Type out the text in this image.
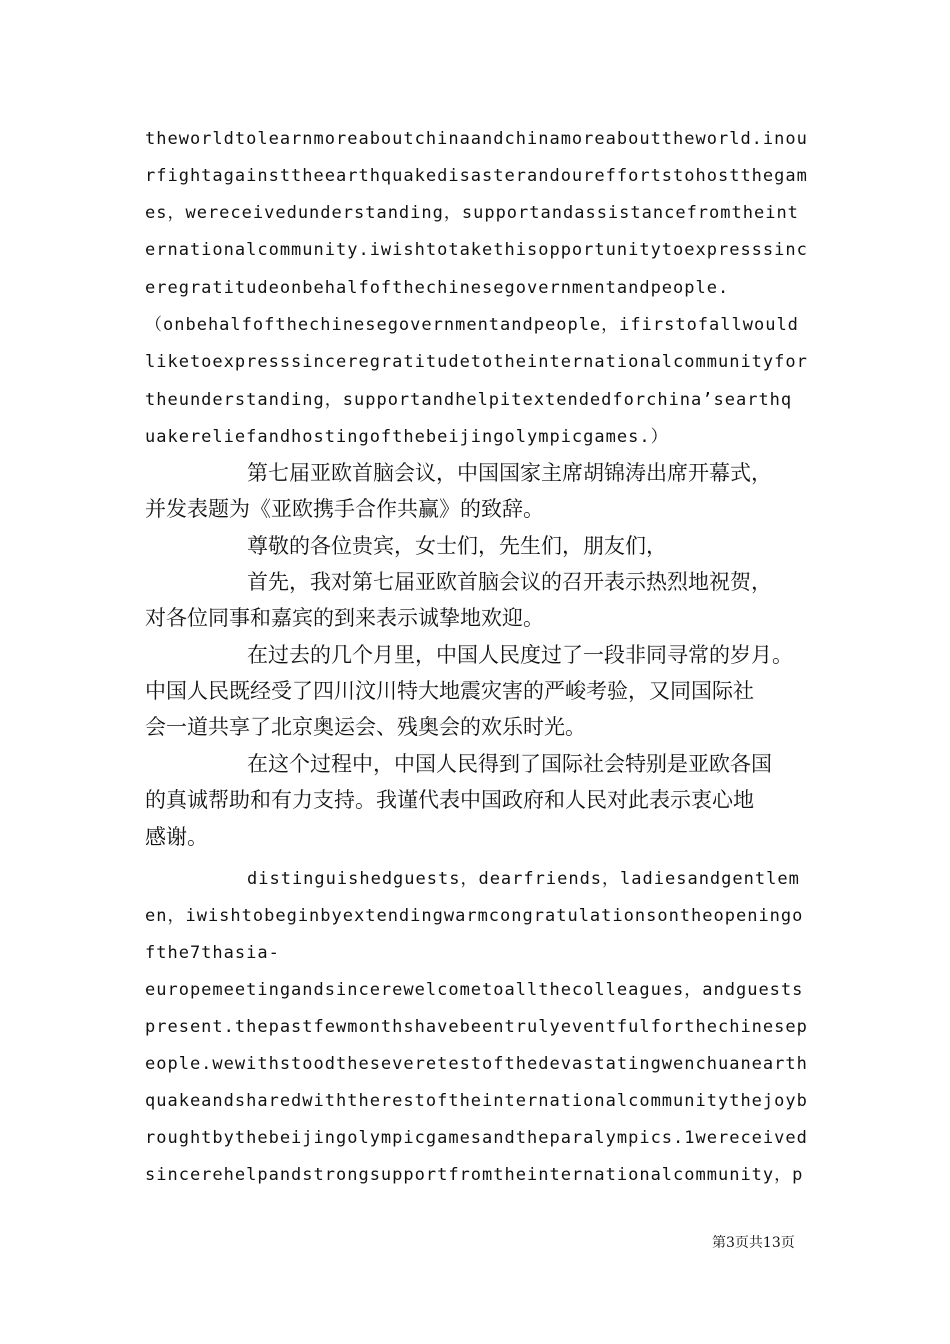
theworldtolearnmoreaboutchinaandchinamoreabouttheworld.inou
rfightagainsttheearthquakedisasterandoureffortstohostthegam
es，wereceivedunderstanding，supportandassistancefromtheint
ernationalcommunity.iwishtotakethisopportunitytoexpresssinc
eregratitudeonbehalfofthechinesegovernmentandpeople.
（onbehalfofthechinesegovernmentandpeople，ifirstofallwould
liketoexpresssinceregratitudetotheinternationalcommunityfor
theunderstanding，supportandhelpitextendedforchina’searthq
uakereliefandhostingofthebeijingolympicgames.）
第七届亚欧首脑会议，中国国家主席胡锦涛出席开幕式，
并发表题为《亚欧携手合作共赢》的致辞。
尊敬的各位贵宾，女士们，先生们，朋友们，
首先，我对第七届亚欧首脑会议的召开表示热烈地祝贺，
对各位同事和嘉宾的到来表示诚挚地欢迎。
在过去的几个月里，中国人民度过了一段非同寻常的岁月。
中国人民既经受了四川汶川特大地震灾害的严峻考验，又同国际社
会一道共享了北京奥运会、残奥会的欢乐时光。
在这个过程中，中国人民得到了国际社会特别是亚欧各国
的真诚帮助和有力支持。我谨代表中国政府和人民对此表示衷心地
感谢。
distinguishedguests，dearfriends，ladiesandgentlem
en，iwishtobeginbyextendingwarmcongratulationsontheopeningo
fthe7thasia-
europemeetingandsincerewelcometoallthecolleagues，andguests
present.thepastfewmonthshavebeentrulyeventfulforthechinesep
eople.wewithstoodtheseveretestofthedevastatingwenchuanearth
quakeandsharedwiththerestoftheinternationalcommunitythejoyb
roughtbythebeijingolympicgamesandtheparalympics.1wereceived
sincerehelpandstrongsupportfromtheinternationalcommunity，p
第3页共13页
